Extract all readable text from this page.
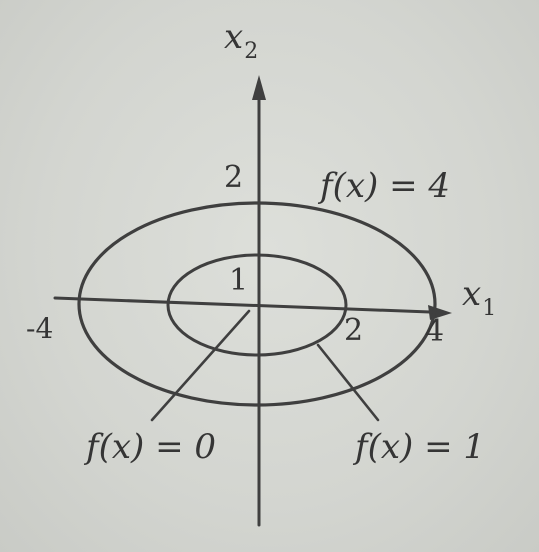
$x_2$
$x_1$
2
1
-4	2 4
f(x) = 4
f(x) = 0	f(x) = 1
